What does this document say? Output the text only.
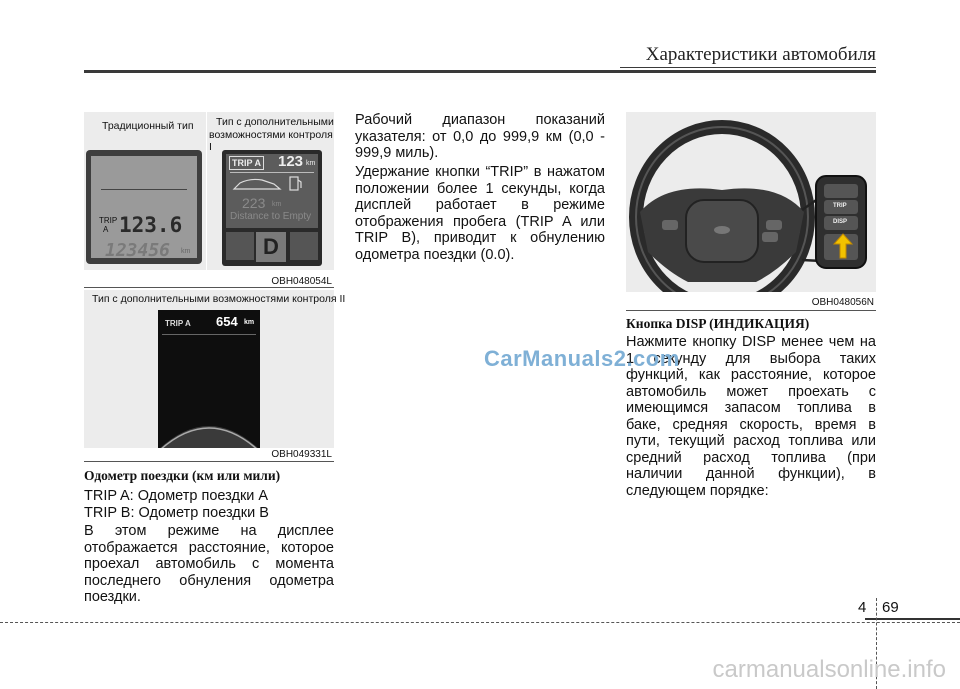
Характеристики автомобиля
Традиционный тип Тип с дополнительными
возможностями контроля I
TRIP
A 123.6
123456 km
TRIP A 123 km
223 km
Distance to Empty
D
OBH048054L
Тип с дополнительными возможностями контроля II
TRIP A 654 km
OBH049331L
Одометр поездки (км или мили)
TRIP A: Одометр поездки A
TRIP B: Одометр поездки B
В этом режиме на дисплее отображается расстояние, которое проехал автомобиль с момента последнего обнуления одометра поездки.
Рабочий диапазон показаний указателя: от 0,0 до 999,9 км (0,0 - 999,9 миль).
Удержание кнопки “TRIP” в нажатом положении более 1 секунды, когда дисплей работает в режиме отображения пробега (TRIP A или TRIP B), приводит к обнулению одометра поездки (0.0).
TRIP
DISP
OBH048056N
Кнопка DISP (ИНДИКАЦИЯ)
Нажмите кнопку DISP менее чем на 1 секунду для выбора таких функций, как расстояние, которое автомобиль может проехать с имеющимся запасом топлива в баке, средняя скорость, время в пути, текущий расход топлива или средний расход топлива (при наличии данной функции), в следующем порядке:
CarManuals2.com
4 69
carmanualsonline.info
